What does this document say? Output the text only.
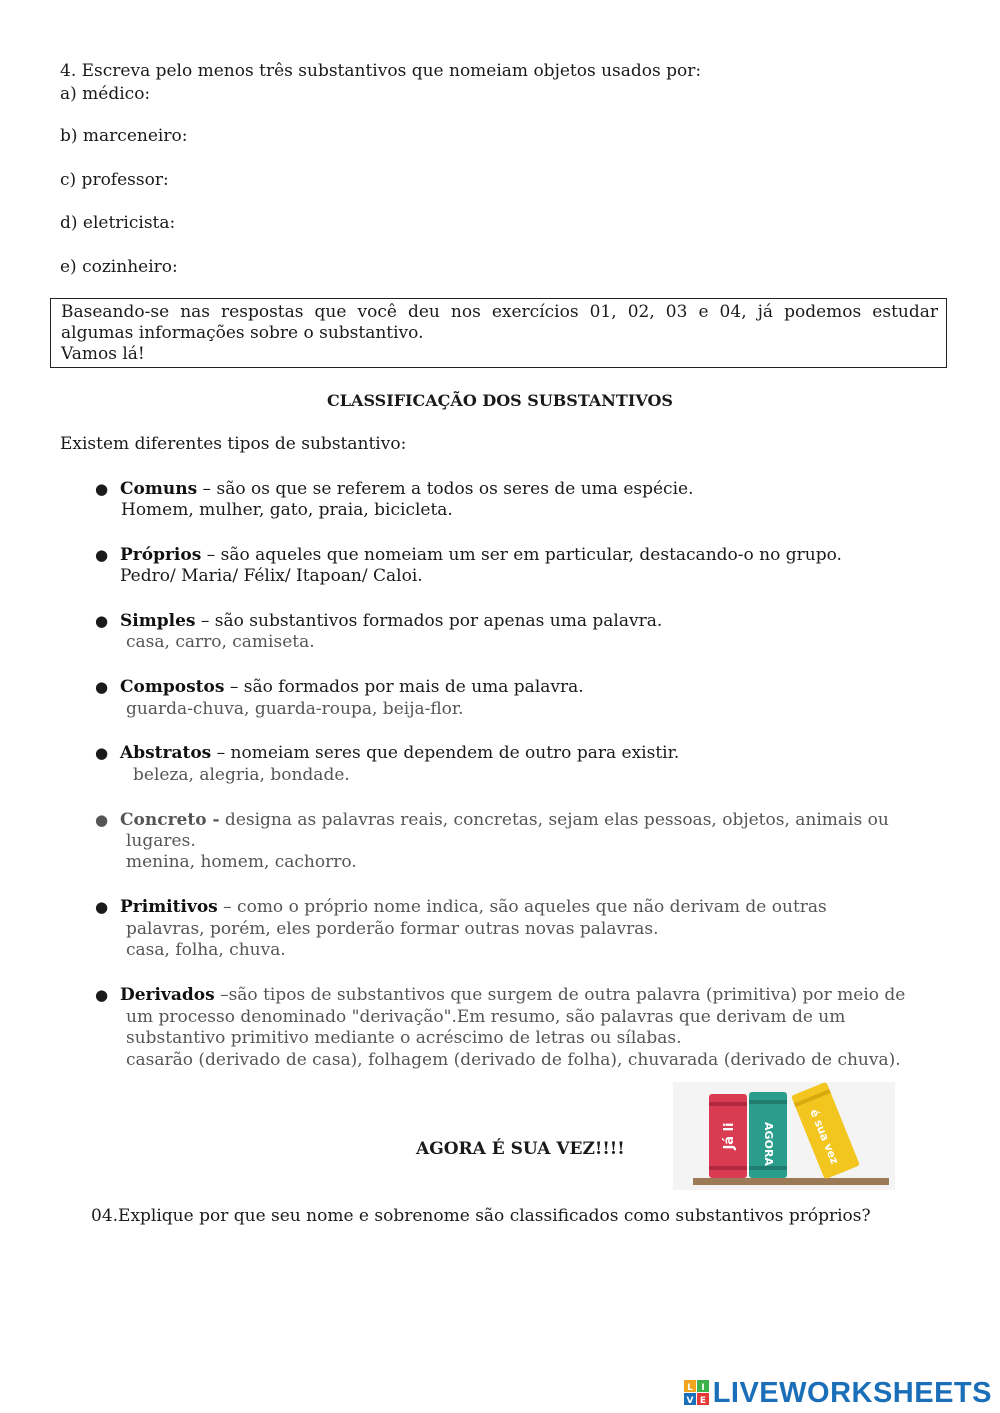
4. Escreva pelo menos três substantivos que nomeiam objetos usados por:
a) médico:
b) marceneiro:
c) professor:
d) eletricista:
e) cozinheiro:
Baseando-se nas respostas que você deu nos exercícios 01, 02, 03 e 04, já podemos estudar
algumas informações sobre o substantivo.
Vamos lá!
CLASSIFICAÇÃO DOS SUBSTANTIVOS
Existem diferentes tipos de substantivo:
● Comuns – são os que se referem a todos os seres de uma espécie.
Homem, mulher, gato, praia, bicicleta.
● Próprios – são aqueles que nomeiam um ser em particular, destacando-o no grupo.
Pedro/ Maria/ Félix/ Itapoan/ Caloi.
● Simples – são substantivos formados por apenas uma palavra.
casa, carro, camiseta.
● Compostos – são formados por mais de uma palavra.
guarda-chuva, guarda-roupa, beija-flor.
● Abstratos – nomeiam seres que dependem de outro para existir.
beleza, alegria, bondade.
● Concreto - designa as palavras reais, concretas, sejam elas pessoas, objetos, animais ou
lugares.
menina, homem, cachorro.
● Primitivos – como o próprio nome indica, são aqueles que não derivam de outras
palavras, porém, eles porderão formar outras novas palavras.
casa, folha, chuva.
● Derivados –são tipos de substantivos que surgem de outra palavra (primitiva) por meio de
um processo denominado "derivação".Em resumo, são palavras que derivam de um
substantivo primitivo mediante o acréscimo de letras ou sílabas.
casarão (derivado de casa), folhagem (derivado de folha), chuvarada (derivado de chuva).
AGORA É SUA VEZ!!!!	Já li AGORA	é sua vez
04.Explique por que seu nome e sobrenome são classificados como substantivos próprios?
L I
V E LIVEWORKSHEETS
